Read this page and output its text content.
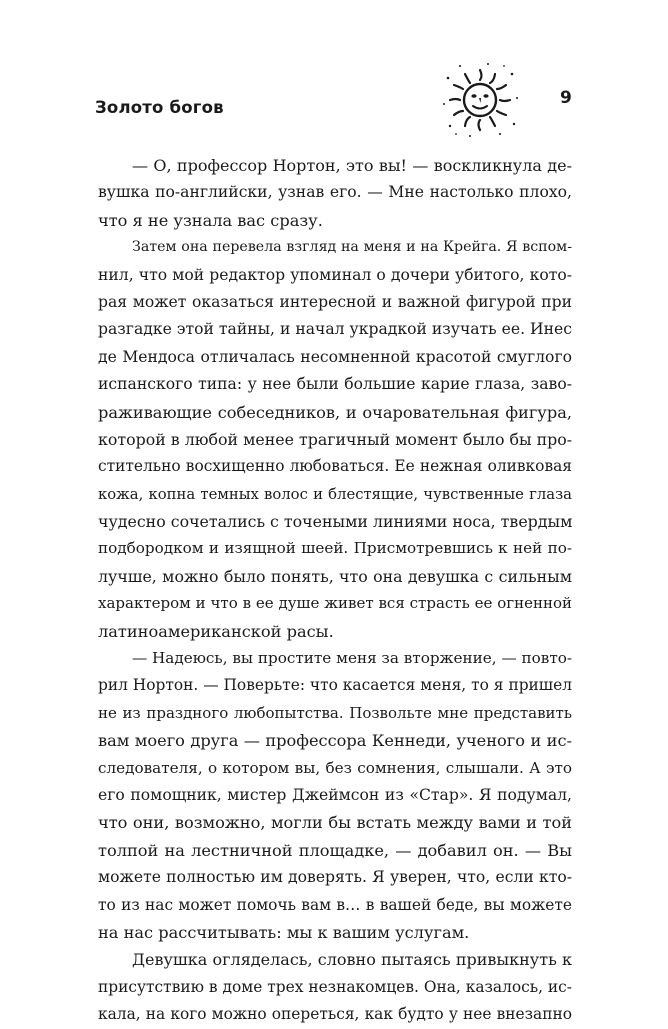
Золото богов	9
— О, профессор Нортон, это вы! — воскликнула де-
вушка по-английски, узнав его. — Мне настолько плохо,
что я не узнала вас сразу.
Затем она перевела взгляд на меня и на Крейга. Я вспом-
нил, что мой редактор упоминал о дочери убитого, кото-
рая может оказаться интересной и важной фигурой при
разгадке этой тайны, и начал украдкой изучать ее. Инес
де Мендоса отличалась несомненной красотой смуглого
испанского типа: у нее были большие карие глаза, заво-
раживающие собеседников, и очаровательная фигура,
которой в любой менее трагичный момент было бы про-
стительно восхищенно любоваться. Ее нежная оливковая
кожа, копна темных волос и блестящие, чувственные глаза
чудесно сочетались с точеными линиями носа, твердым
подбородком и изящной шеей. Присмотревшись к ней по-
лучше, можно было понять, что она девушка с сильным
характером и что в ее душе живет вся страсть ее огненной
латиноамериканской расы.
— Надеюсь, вы простите меня за вторжение, — повто-
рил Нортон. — Поверьте: что касается меня, то я пришел
не из праздного любопытства. Позвольте мне представить
вам моего друга — профессора Кеннеди, ученого и ис-
следователя, о котором вы, без сомнения, слышали. А это
его помощник, мистер Джеймсон из «Стар». Я подумал,
что они, возможно, могли бы встать между вами и той
толпой на лестничной площадке, — добавил он. — Вы
можете полностью им доверять. Я уверен, что, если кто-
то из нас может помочь вам в… в вашей беде, вы можете
на нас рассчитывать: мы к вашим услугам.
Девушка огляделась, словно пытаясь привыкнуть к
присутствию в доме трех незнакомцев. Она, казалось, ис-
кала, на кого можно опереться, как будто у нее внезапно
